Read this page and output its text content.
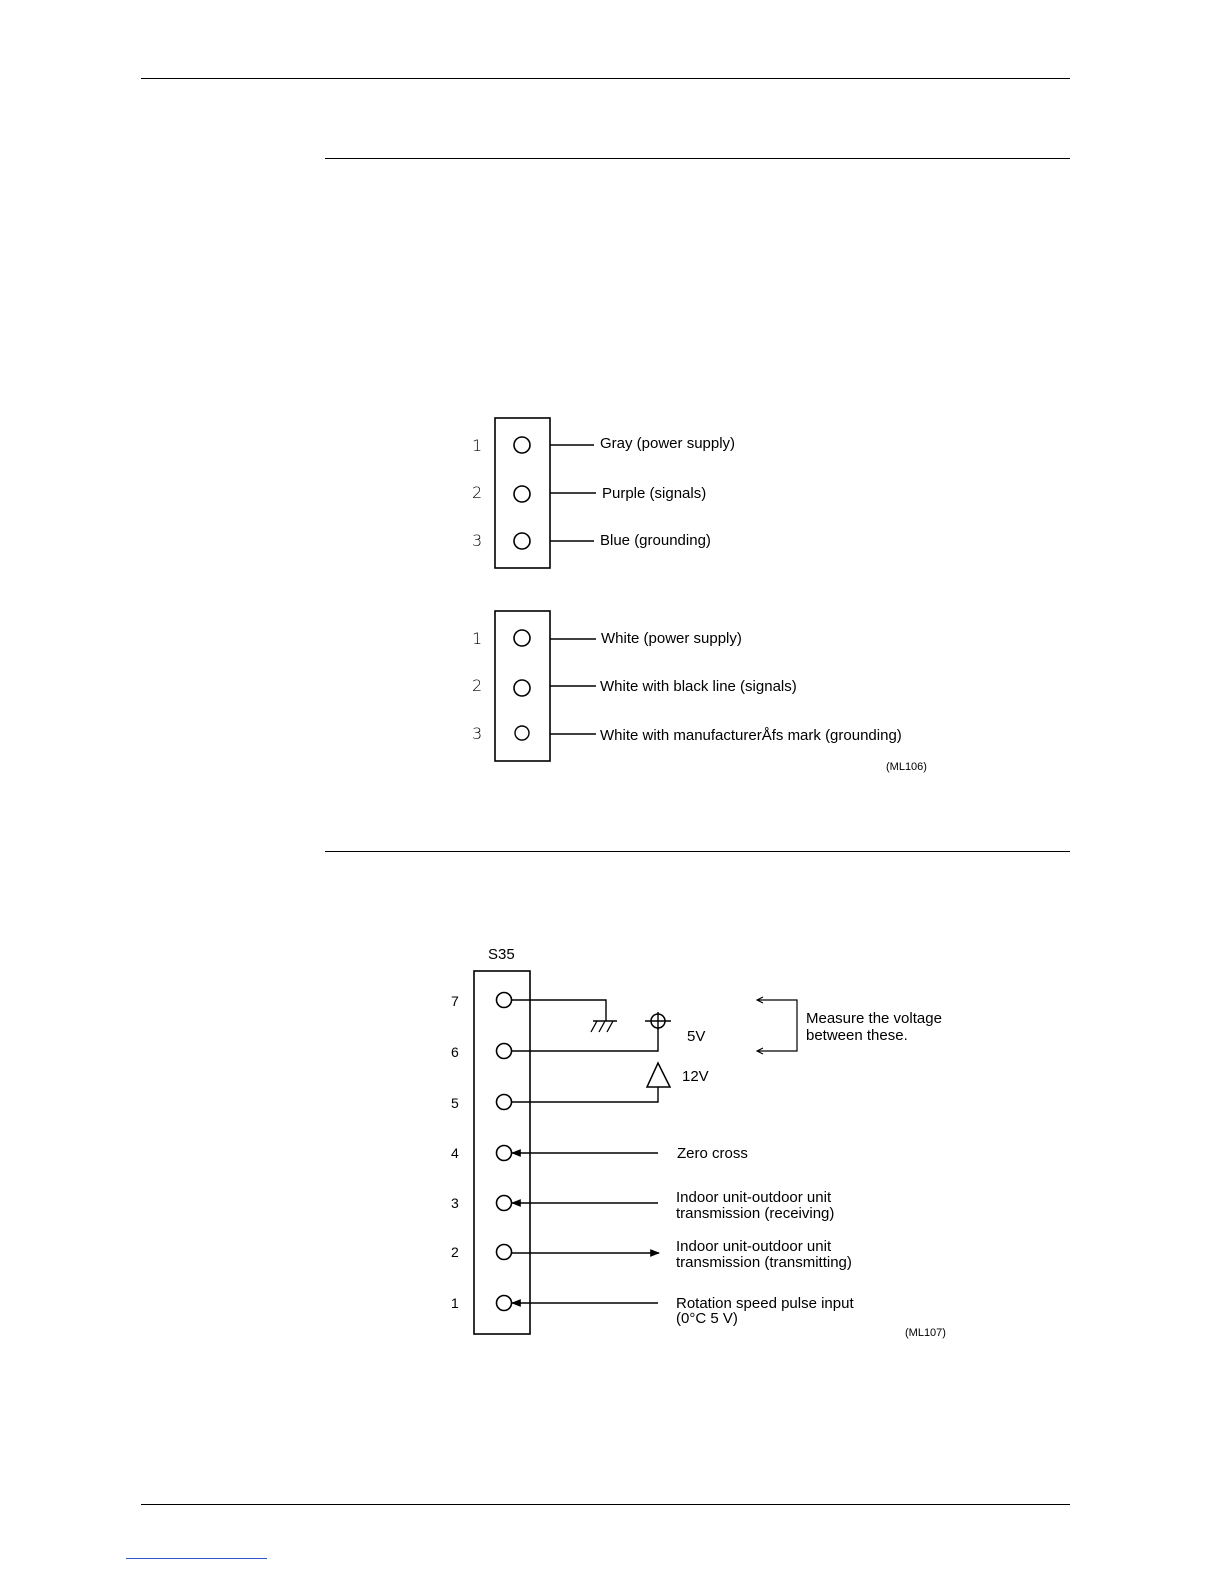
1
2
3
Gray (power supply)
Purple (signals)
Blue (grounding)
1
2
3
White (power supply)
White with black line (signals)
White with manufacturerÅfs mark (grounding)
(ML106)
S35
7
6
5
4
3
2
1
5V
12V
Measure the voltage
between these.
Zero cross
Indoor unit-outdoor unit
transmission (receiving)
Indoor unit-outdoor unit
transmission (transmitting)
Rotation speed pulse input
(0°C 5 V)
(ML107)
